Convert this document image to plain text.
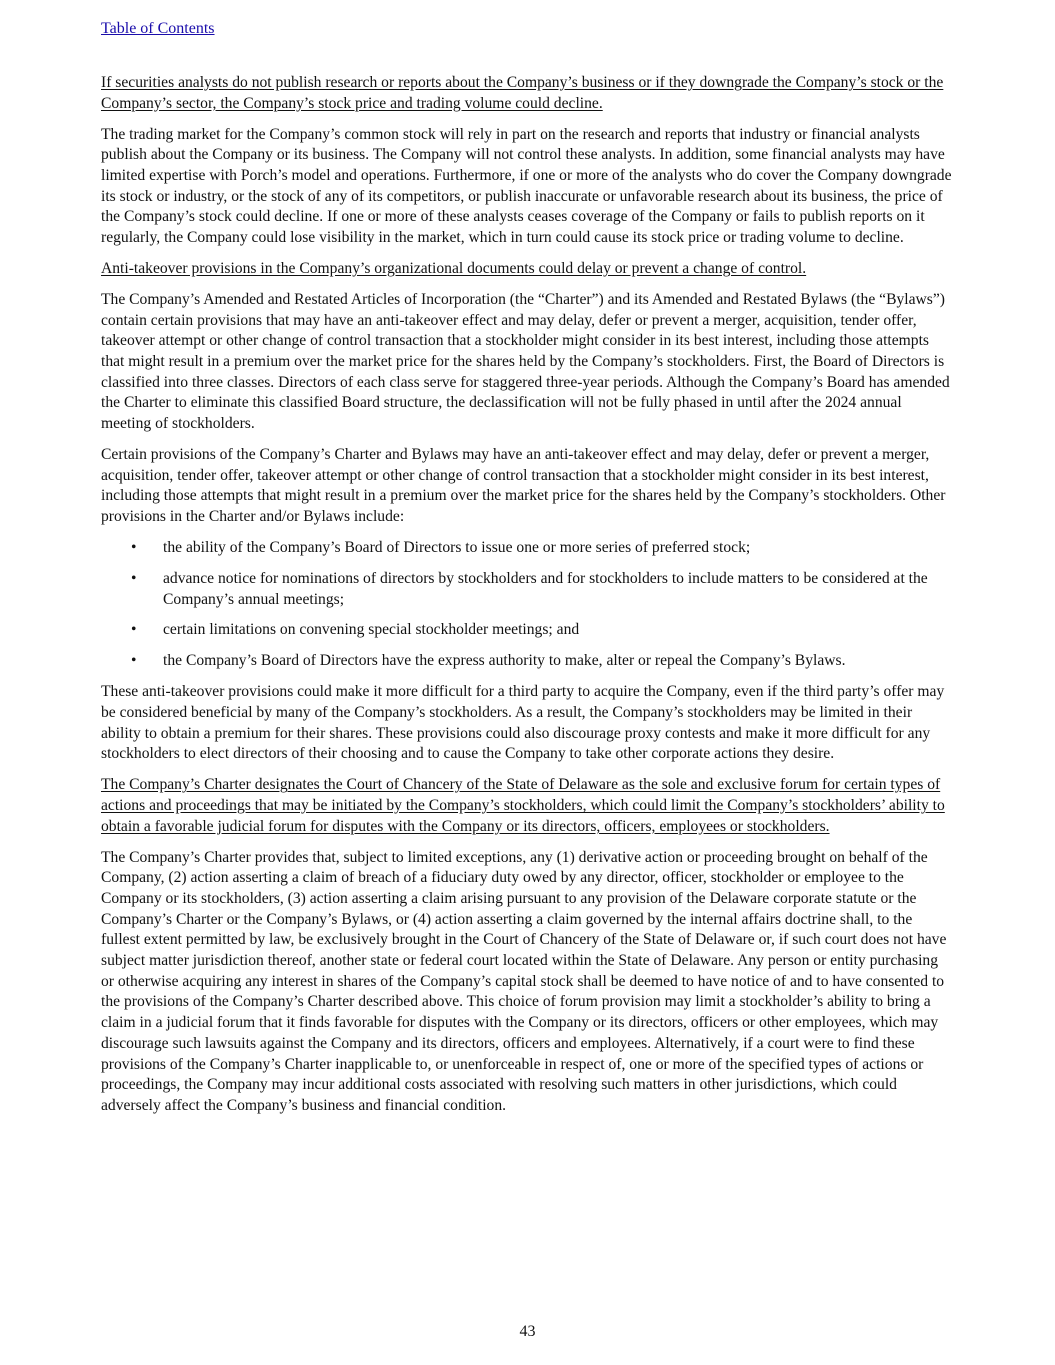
Table of Contents

If securities analysts do not publish research or reports about the Company’s business or if they downgrade the Company’s stock or the Company’s sector, the Company’s stock price and trading volume could decline.

The trading market for the Company’s common stock will rely in part on the research and reports that industry or financial analysts publish about the Company or its business. The Company will not control these analysts. In addition, some financial analysts may have limited expertise with Porch’s model and operations. Furthermore, if one or more of the analysts who do cover the Company downgrade its stock or industry, or the stock of any of its competitors, or publish inaccurate or unfavorable research about its business, the price of the Company’s stock could decline. If one or more of these analysts ceases coverage of the Company or fails to publish reports on it regularly, the Company could lose visibility in the market, which in turn could cause its stock price or trading volume to decline.

Anti-takeover provisions in the Company’s organizational documents could delay or prevent a change of control.

The Company’s Amended and Restated Articles of Incorporation (the “Charter”) and its Amended and Restated Bylaws (the “Bylaws”) contain certain provisions that may have an anti-takeover effect and may delay, defer or prevent a merger, acquisition, tender offer, takeover attempt or other change of control transaction that a stockholder might consider in its best interest, including those attempts that might result in a premium over the market price for the shares held by the Company’s stockholders. First, the Board of Directors is classified into three classes. Directors of each class serve for staggered three-year periods. Although the Company’s Board has amended the Charter to eliminate this classified Board structure, the declassification will not be fully phased in until after the 2024 annual meeting of stockholders.

Certain provisions of the Company’s Charter and Bylaws may have an anti-takeover effect and may delay, defer or prevent a merger, acquisition, tender offer, takeover attempt or other change of control transaction that a stockholder might consider in its best interest, including those attempts that might result in a premium over the market price for the shares held by the Company’s stockholders. Other provisions in the Charter and/or Bylaws include:

• the ability of the Company’s Board of Directors to issue one or more series of preferred stock;
• advance notice for nominations of directors by stockholders and for stockholders to include matters to be considered at the Company’s annual meetings;
• certain limitations on convening special stockholder meetings; and
• the Company’s Board of Directors have the express authority to make, alter or repeal the Company’s Bylaws.

These anti-takeover provisions could make it more difficult for a third party to acquire the Company, even if the third party’s offer may be considered beneficial by many of the Company’s stockholders. As a result, the Company’s stockholders may be limited in their ability to obtain a premium for their shares. These provisions could also discourage proxy contests and make it more difficult for any stockholders to elect directors of their choosing and to cause the Company to take other corporate actions they desire.

The Company’s Charter designates the Court of Chancery of the State of Delaware as the sole and exclusive forum for certain types of actions and proceedings that may be initiated by the Company’s stockholders, which could limit the Company’s stockholders’ ability to obtain a favorable judicial forum for disputes with the Company or its directors, officers, employees or stockholders.

The Company’s Charter provides that, subject to limited exceptions, any (1) derivative action or proceeding brought on behalf of the Company, (2) action asserting a claim of breach of a fiduciary duty owed by any director, officer, stockholder or employee to the Company or its stockholders, (3) action asserting a claim arising pursuant to any provision of the Delaware corporate statute or the Company’s Charter or the Company’s Bylaws, or (4) action asserting a claim governed by the internal affairs doctrine shall, to the fullest extent permitted by law, be exclusively brought in the Court of Chancery of the State of Delaware or, if such court does not have subject matter jurisdiction thereof, another state or federal court located within the State of Delaware. Any person or entity purchasing or otherwise acquiring any interest in shares of the Company’s capital stock shall be deemed to have notice of and to have consented to the provisions of the Company’s Charter described above. This choice of forum provision may limit a stockholder’s ability to bring a claim in a judicial forum that it finds favorable for disputes with the Company or its directors, officers or other employees, which may discourage such lawsuits against the Company and its directors, officers and employees. Alternatively, if a court were to find these provisions of the Company’s Charter inapplicable to, or unenforceable in respect of, one or more of the specified types of actions or proceedings, the Company may incur additional costs associated with resolving such matters in other jurisdictions, which could adversely affect the Company’s business and financial condition.

43
